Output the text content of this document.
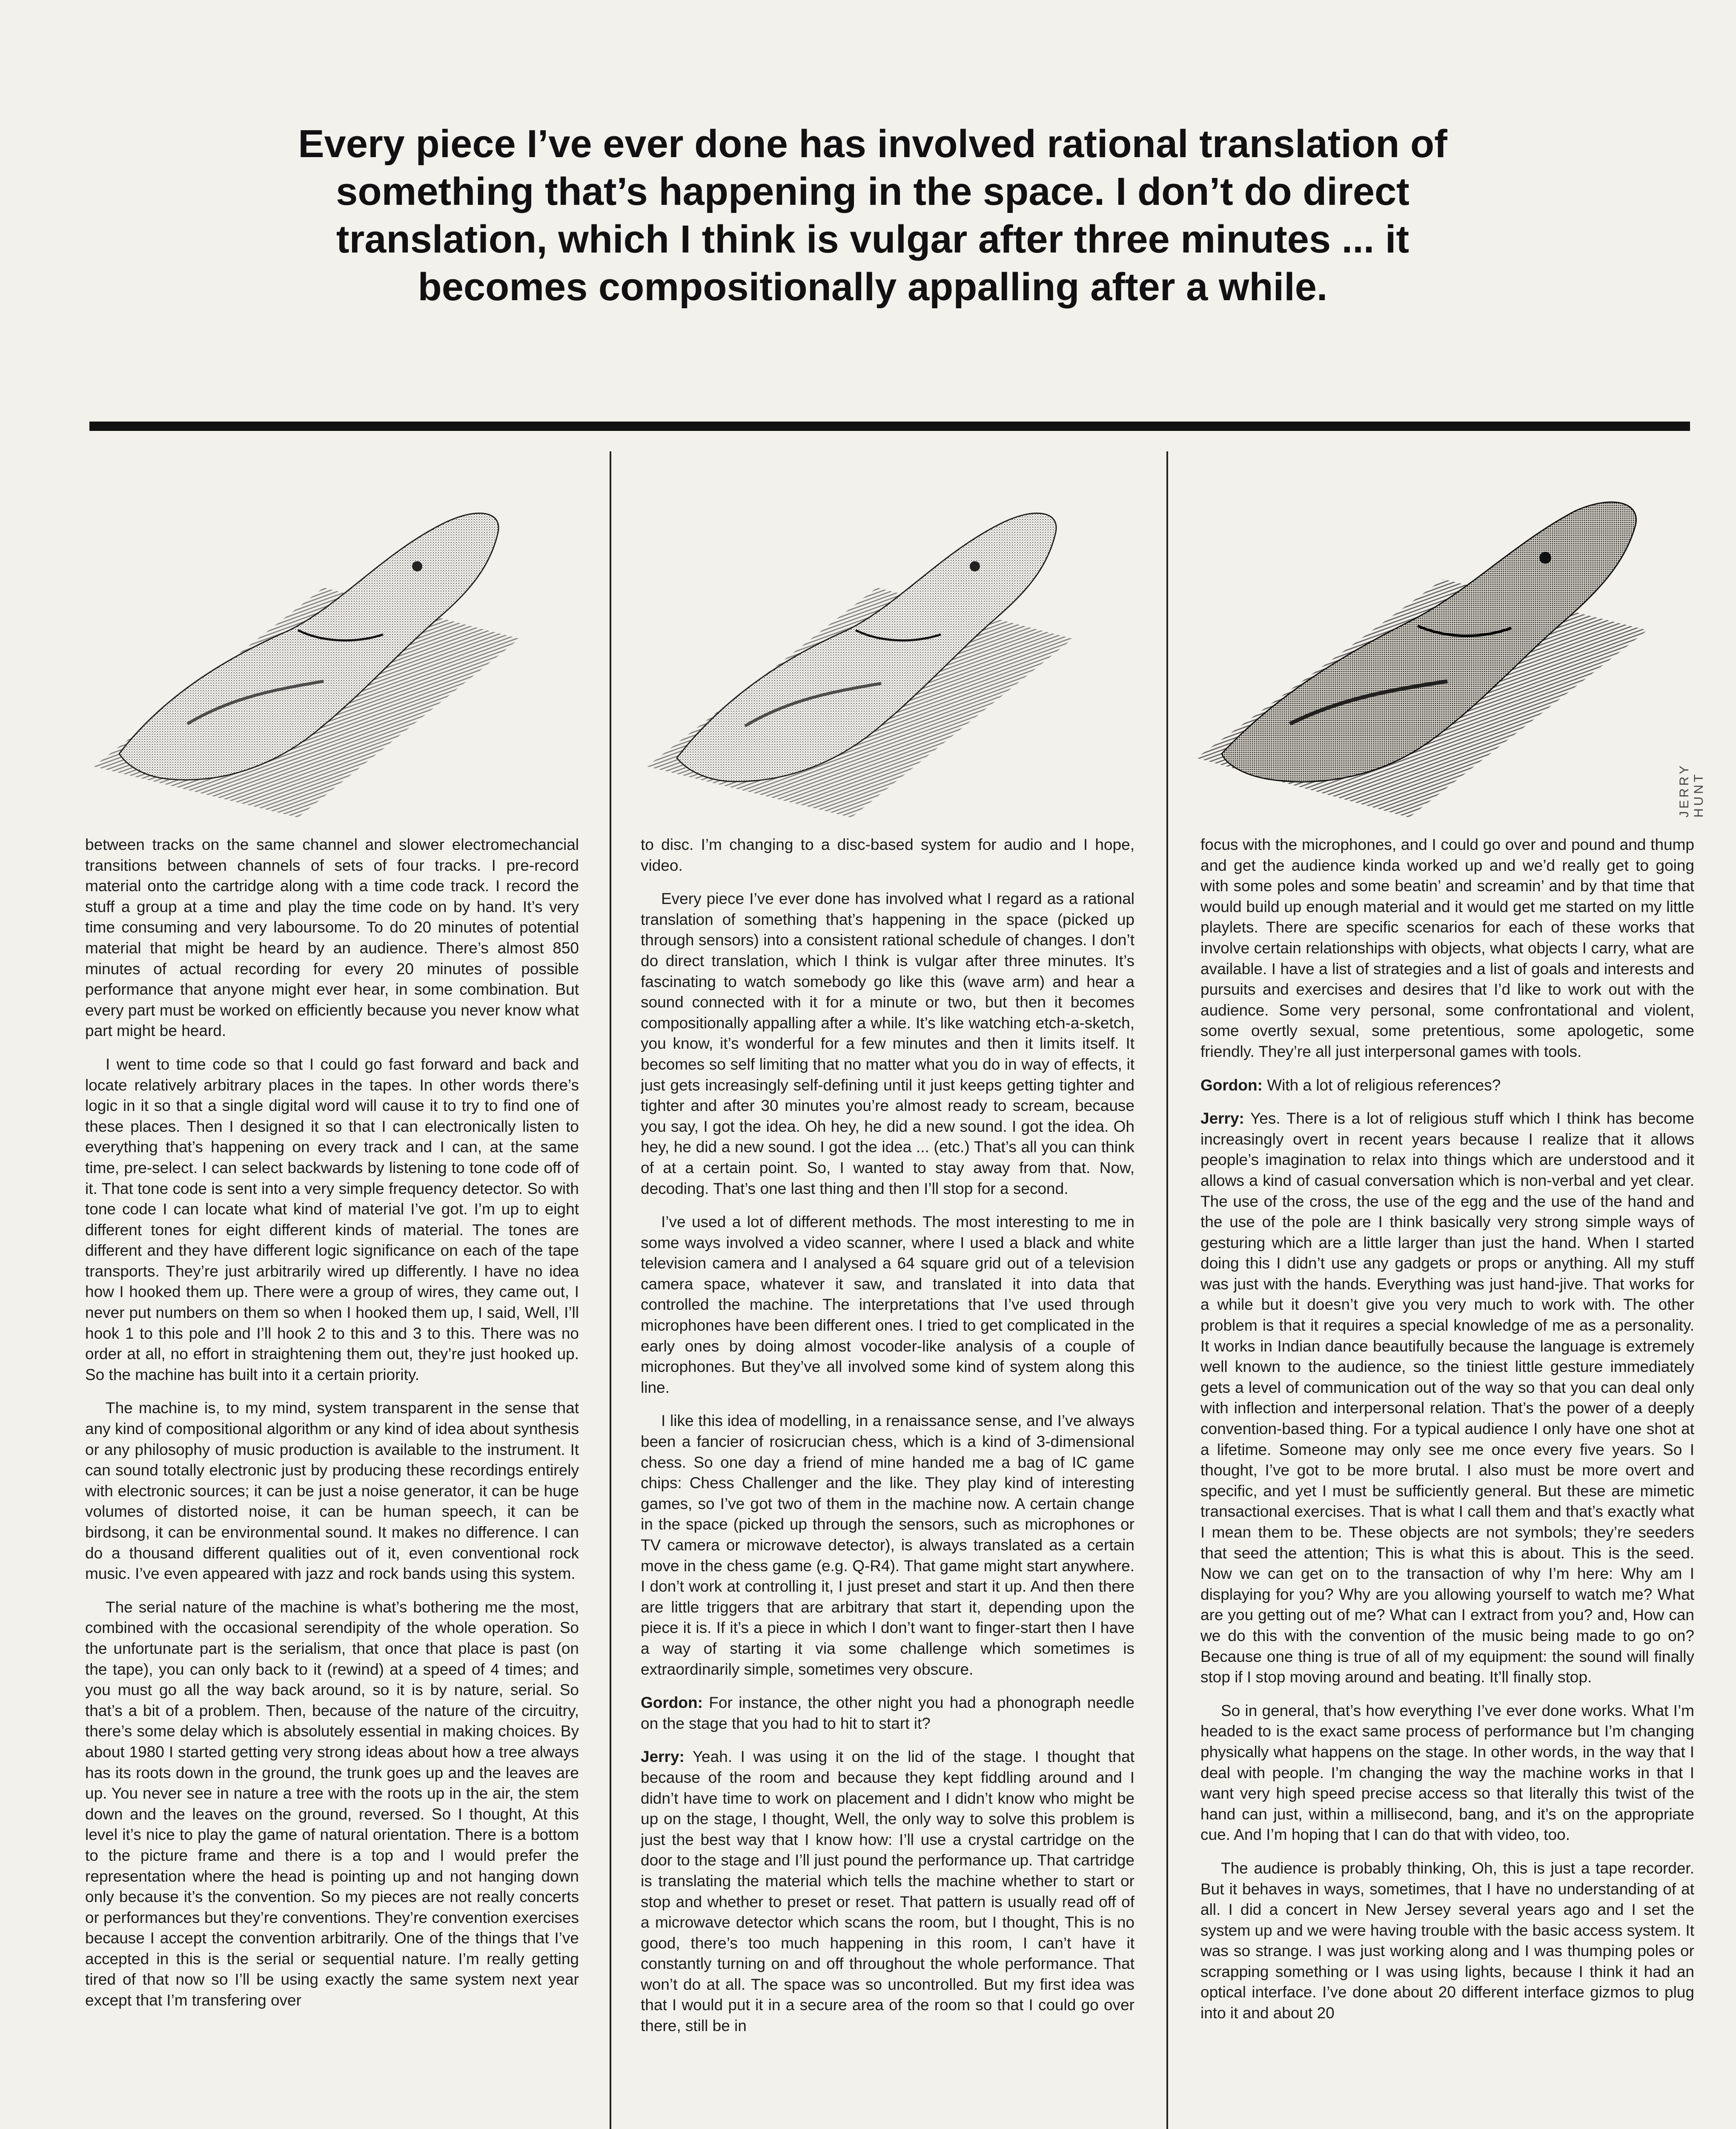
Every piece I’ve ever done has involved rational translation of something that’s happening in the space. I don’t do direct translation, which I think is vulgar after three minutes ... it becomes compositionally appalling after a while.
JERRY HUNT

between tracks on the same channel and slower electromechancial transitions between channels of sets of four tracks. I pre-record material onto the cartridge along with a time code track. I record the stuff a group at a time and play the time code on by hand. It’s very time consuming and very laboursome. To do 20 minutes of potential material that might be heard by an audience. There’s almost 850 minutes of actual recording for every 20 minutes of possible performance that anyone might ever hear, in some combination. But every part must be worked on efficiently because you never know what part might be heard.

I went to time code so that I could go fast forward and back and locate relatively arbitrary places in the tapes. In other words there’s logic in it so that a single digital word will cause it to try to find one of these places. Then I designed it so that I can electronically listen to everything that’s happening on every track and I can, at the same time, pre-select. I can select backwards by listening to tone code off of it. That tone code is sent into a very simple frequency detector. So with tone code I can locate what kind of material I’ve got. I’m up to eight different tones for eight different kinds of material. The tones are different and they have different logic significance on each of the tape transports. They’re just arbitrarily wired up differently. I have no idea how I hooked them up. There were a group of wires, they came out, I never put numbers on them so when I hooked them up, I said, Well, I’ll hook 1 to this pole and I’ll hook 2 to this and 3 to this. There was no order at all, no effort in straightening them out, they’re just hooked up. So the machine has built into it a certain priority.

The machine is, to my mind, system transparent in the sense that any kind of compositional algorithm or any kind of idea about synthesis or any philosophy of music production is available to the instrument. It can sound totally electronic just by producing these recordings entirely with electronic sources; it can be just a noise generator, it can be huge volumes of distorted noise, it can be human speech, it can be birdsong, it can be environmental sound. It makes no difference. I can do a thousand different qualities out of it, even conventional rock music. I’ve even appeared with jazz and rock bands using this system.

The serial nature of the machine is what’s bothering me the most, combined with the occasional serendipity of the whole operation. So the unfortunate part is the serialism, that once that place is past (on the tape), you can only back to it (rewind) at a speed of 4 times; and you must go all the way back around, so it is by nature, serial. So that’s a bit of a problem. Then, because of the nature of the circuitry, there’s some delay which is absolutely essential in making choices. By about 1980 I started getting very strong ideas about how a tree always has its roots down in the ground, the trunk goes up and the leaves are up. You never see in nature a tree with the roots up in the air, the stem down and the leaves on the ground, reversed. So I thought, At this level it’s nice to play the game of natural orientation. There is a bottom to the picture frame and there is a top and I would prefer the representation where the head is pointing up and not hanging down only because it’s the convention. So my pieces are not really concerts or performances but they’re conventions. They’re convention exercises because I accept the convention arbitrarily. One of the things that I’ve accepted in this is the serial or sequential nature. I’m really getting tired of that now so I’ll be using exactly the same system next year except that I’m transfering over

to disc. I’m changing to a disc-based system for audio and I hope, video.

Every piece I’ve ever done has involved what I regard as a rational translation of something that’s happening in the space (picked up through sensors) into a consistent rational schedule of changes. I don’t do direct translation, which I think is vulgar after three minutes. It’s fascinating to watch somebody go like this (wave arm) and hear a sound connected with it for a minute or two, but then it becomes compositionally appalling after a while. It’s like watching etch-a-sketch, you know, it’s wonderful for a few minutes and then it limits itself. It becomes so self limiting that no matter what you do in way of effects, it just gets increasingly self-defining until it just keeps getting tighter and tighter and after 30 minutes you’re almost ready to scream, because you say, I got the idea. Oh hey, he did a new sound. I got the idea. Oh hey, he did a new sound. I got the idea ... (etc.) That’s all you can think of at a certain point. So, I wanted to stay away from that. Now, decoding. That’s one last thing and then I’ll stop for a second.

I’ve used a lot of different methods. The most interesting to me in some ways involved a video scanner, where I used a black and white television camera and I analysed a 64 square grid out of a television camera space, whatever it saw, and translated it into data that controlled the machine. The interpretations that I’ve used through microphones have been different ones. I tried to get complicated in the early ones by doing almost vocoder-like analysis of a couple of microphones. But they’ve all involved some kind of system along this line.

I like this idea of modelling, in a renaissance sense, and I’ve always been a fancier of rosicrucian chess, which is a kind of 3-dimensional chess. So one day a friend of mine handed me a bag of IC game chips: Chess Challenger and the like. They play kind of interesting games, so I’ve got two of them in the machine now. A certain change in the space (picked up through the sensors, such as microphones or TV camera or microwave detector), is always translated as a certain move in the chess game (e.g. Q-R4). That game might start anywhere. I don’t work at controlling it, I just preset and start it up. And then there are little triggers that are arbitrary that start it, depending upon the piece it is. If it’s a piece in which I don’t want to finger-start then I have a way of starting it via some challenge which sometimes is extraordinarily simple, sometimes very obscure.

Gordon: For instance, the other night you had a phonograph needle on the stage that you had to hit to start it?

Jerry: Yeah. I was using it on the lid of the stage. I thought that because of the room and because they kept fiddling around and I didn’t have time to work on placement and I didn’t know who might be up on the stage, I thought, Well, the only way to solve this problem is just the best way that I know how: I’ll use a crystal cartridge on the door to the stage and I’ll just pound the performance up. That cartridge is translating the material which tells the machine whether to start or stop and whether to preset or reset. That pattern is usually read off of a microwave detector which scans the room, but I thought, This is no good, there’s too much happening in this room, I can’t have it constantly turning on and off throughout the whole performance. That won’t do at all. The space was so uncontrolled. But my first idea was that I would put it in a secure area of the room so that I could go over there, still be in

focus with the microphones, and I could go over and pound and thump and get the audience kinda worked up and we’d really get to going with some poles and some beatin’ and screamin’ and by that time that would build up enough material and it would get me started on my little playlets. There are specific scenarios for each of these works that involve certain relationships with objects, what objects I carry, what are available. I have a list of strategies and a list of goals and interests and pursuits and exercises and desires that I’d like to work out with the audience. Some very personal, some confrontational and violent, some overtly sexual, some pretentious, some apologetic, some friendly. They’re all just interpersonal games with tools.

Gordon: With a lot of religious references?

Jerry: Yes. There is a lot of religious stuff which I think has become increasingly overt in recent years because I realize that it allows people’s imagination to relax into things which are understood and it allows a kind of casual conversation which is non-verbal and yet clear. The use of the cross, the use of the egg and the use of the hand and the use of the pole are I think basically very strong simple ways of gesturing which are a little larger than just the hand. When I started doing this I didn’t use any gadgets or props or anything. All my stuff was just with the hands. Everything was just hand-jive. That works for a while but it doesn’t give you very much to work with. The other problem is that it requires a special knowledge of me as a personality. It works in Indian dance beautifully because the language is extremely well known to the audience, so the tiniest little gesture immediately gets a level of communication out of the way so that you can deal only with inflection and interpersonal relation. That’s the power of a deeply convention-based thing. For a typical audience I only have one shot at a lifetime. Someone may only see me once every five years. So I thought, I’ve got to be more brutal. I also must be more overt and specific, and yet I must be sufficiently general. But these are mimetic transactional exercises. That is what I call them and that’s exactly what I mean them to be. These objects are not symbols; they’re seeders that seed the attention; This is what this is about. This is the seed. Now we can get on to the transaction of why I’m here: Why am I displaying for you? Why are you allowing yourself to watch me? What are you getting out of me? What can I extract from you? and, How can we do this with the convention of the music being made to go on? Because one thing is true of all of my equipment: the sound will finally stop if I stop moving around and beating. It’ll finally stop.

So in general, that’s how everything I’ve ever done works. What I’m headed to is the exact same process of performance but I’m changing physically what happens on the stage. In other words, in the way that I deal with people. I’m changing the way the machine works in that I want very high speed precise access so that literally this twist of the hand can just, within a millisecond, bang, and it’s on the appropriate cue. And I’m hoping that I can do that with video, too.

The audience is probably thinking, Oh, this is just a tape recorder. But it behaves in ways, sometimes, that I have no understanding of at all. I did a concert in New Jersey several years ago and I set the system up and we were having trouble with the basic access system. It was so strange. I was just working along and I was thumping poles or scrapping something or I was using lights, because I think it had an optical interface. I’ve done about 20 different interface gizmos to plug into it and about 20
